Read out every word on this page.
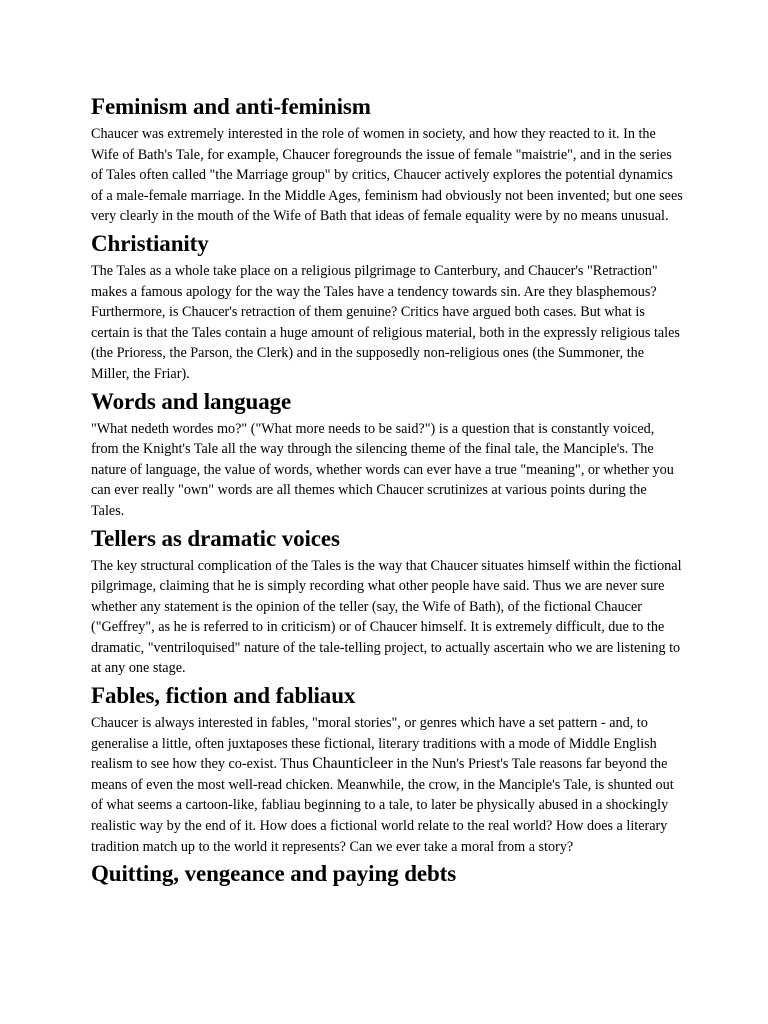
Feminism and anti-feminism

Chaucer was extremely interested in the role of women in society, and how they reacted to it. In the Wife of Bath's Tale, for example, Chaucer foregrounds the issue of female "maistrie", and in the series of Tales often called "the Marriage group" by critics, Chaucer actively explores the potential dynamics of a male-female marriage. In the Middle Ages, feminism had obviously not been invented; but one sees very clearly in the mouth of the Wife of Bath that ideas of female equality were by no means unusual.

Christianity

The Tales as a whole take place on a religious pilgrimage to Canterbury, and Chaucer's "Retraction" makes a famous apology for the way the Tales have a tendency towards sin. Are they blasphemous? Furthermore, is Chaucer's retraction of them genuine? Critics have argued both cases. But what is certain is that the Tales contain a huge amount of religious material, both in the expressly religious tales (the Prioress, the Parson, the Clerk) and in the supposedly non-religious ones (the Summoner, the Miller, the Friar).

Words and language

"What nedeth wordes mo?" ("What more needs to be said?") is a question that is constantly voiced, from the Knight's Tale all the way through the silencing theme of the final tale, the Manciple's. The nature of language, the value of words, whether words can ever have a true "meaning", or whether you can ever really "own" words are all themes which Chaucer scrutinizes at various points during the Tales.

Tellers as dramatic voices

The key structural complication of the Tales is the way that Chaucer situates himself within the fictional pilgrimage, claiming that he is simply recording what other people have said. Thus we are never sure whether any statement is the opinion of the teller (say, the Wife of Bath), of the fictional Chaucer ("Geffrey", as he is referred to in criticism) or of Chaucer himself. It is extremely difficult, due to the dramatic, "ventriloquised" nature of the tale-telling project, to actually ascertain who we are listening to at any one stage.

Fables, fiction and fabliaux

Chaucer is always interested in fables, "moral stories", or genres which have a set pattern - and, to generalise a little, often juxtaposes these fictional, literary traditions with a mode of Middle English realism to see how they co-exist. Thus Chaunticleer in the Nun's Priest's Tale reasons far beyond the means of even the most well-read chicken. Meanwhile, the crow, in the Manciple's Tale, is shunted out of what seems a cartoon-like, fabliau beginning to a tale, to later be physically abused in a shockingly realistic way by the end of it. How does a fictional world relate to the real world? How does a literary tradition match up to the world it represents? Can we ever take a moral from a story?

Quitting, vengeance and paying debts
